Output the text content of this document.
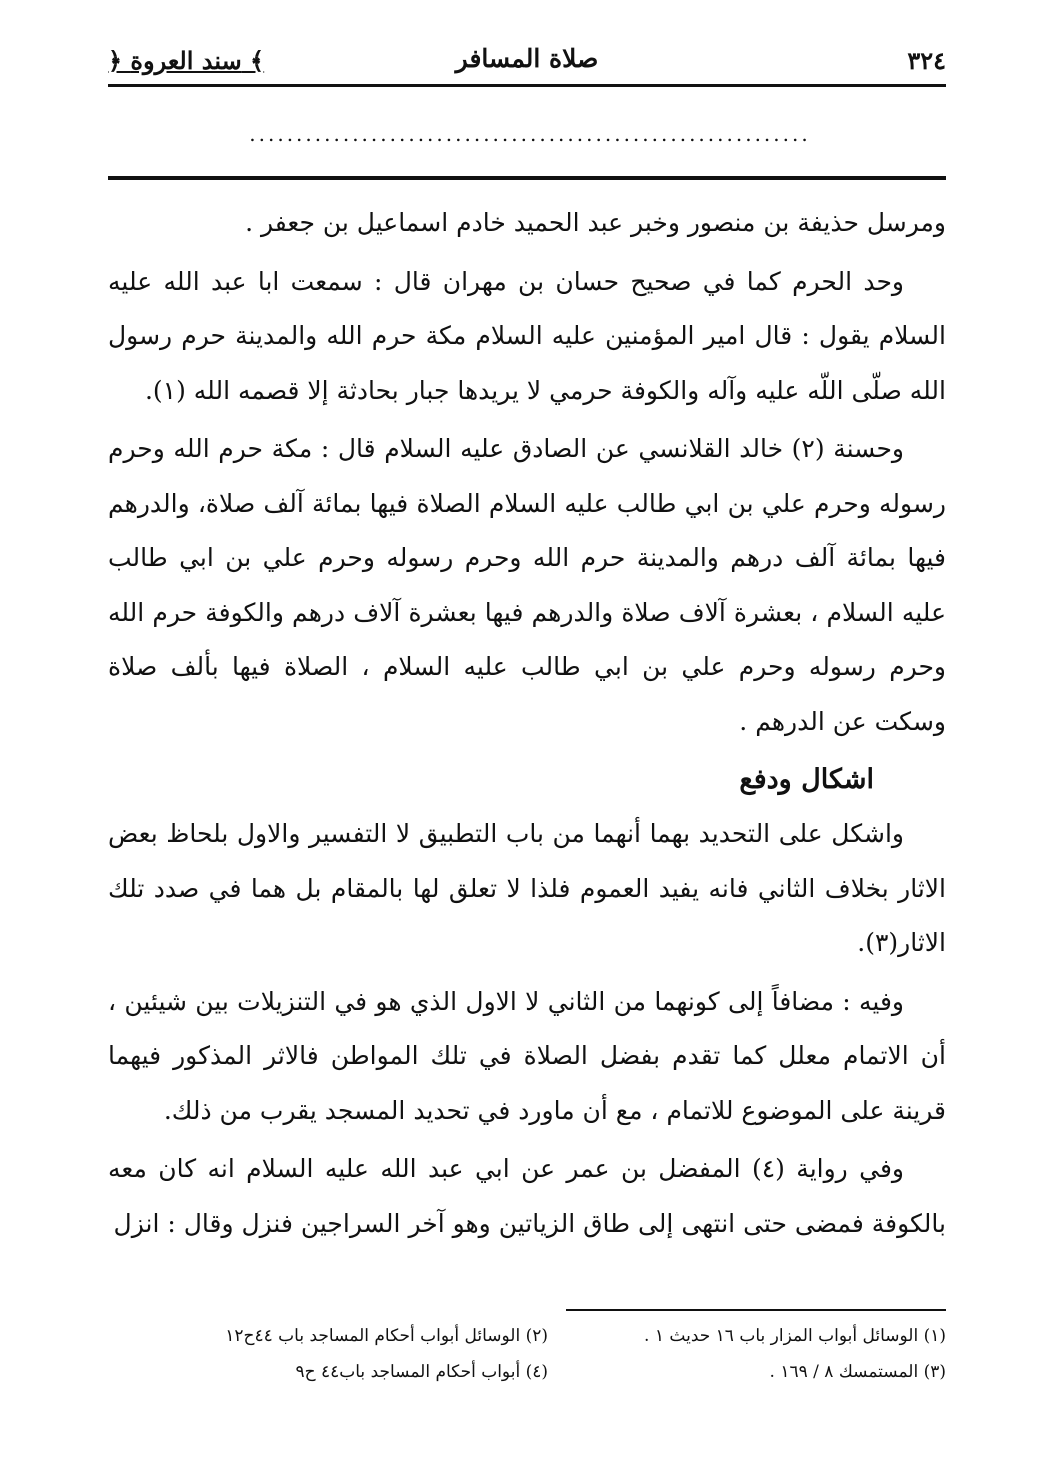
﴿ سند العروة ﴾	صلاة المسافر	٣٢٤
............................................................

ومرسل حذيفة بن منصور وخبر عبد الحميد خادم اسماعيل بن جعفر .

وحد الحرم كما في صحيح حسان بن مهران قال : سمعت ابا عبد الله عليه السلام يقول : قال امير المؤمنين عليه السلام مكة حرم الله والمدينة حرم رسول الله صلّى اللّه عليه وآله والكوفة حرمي لا يريدها جبار بحادثة إلا قصمه الله (١).

وحسنة (٢) خالد القلانسي عن الصادق عليه السلام قال : مكة حرم الله وحرم رسوله وحرم علي بن ابي طالب عليه السلام الصلاة فيها بمائة آلف صلاة، والدرهم فيها بمائة آلف درهم والمدينة حرم الله وحرم رسوله وحرم علي بن ابي طالب عليه السلام ، بعشرة آلاف صلاة والدرهم فيها بعشرة آلاف درهم والكوفة حرم الله وحرم رسوله وحرم علي بن ابي طالب عليه السلام ، الصلاة فيها بألف صلاة وسكت عن الدرهم .

اشكال ودفع

واشكل على التحديد بهما أنهما من باب التطبيق لا التفسير والاول بلحاظ بعض الاثار بخلاف الثاني فانه يفيد العموم فلذا لا تعلق لها بالمقام بل هما في صدد تلك الاثار(٣).

وفيه : مضافاً إلى كونهما من الثاني لا الاول الذي هو في التنزيلات بين شيئين ، أن الاتمام معلل كما تقدم بفضل الصلاة في تلك المواطن فالاثر المذكور فيهما قرينة على الموضوع للاتمام ، مع أن ماورد في تحديد المسجد يقرب من ذلك.

وفي رواية (٤) المفضل بن عمر عن ابي عبد الله عليه السلام انه كان معه بالكوفة فمضى حتى انتهى إلى طاق الزياتين وهو آخر السراجين فنزل وقال : انزل

(١) الوسائل أبواب المزار باب ١٦ حديث ١ .
(٢) الوسائل أبواب أحكام المساجد باب ٤٤ح١٢
(٣) المستمسك ٨ / ١٦٩ .
(٤) أبواب أحكام المساجد باب٤٤ ح٩
